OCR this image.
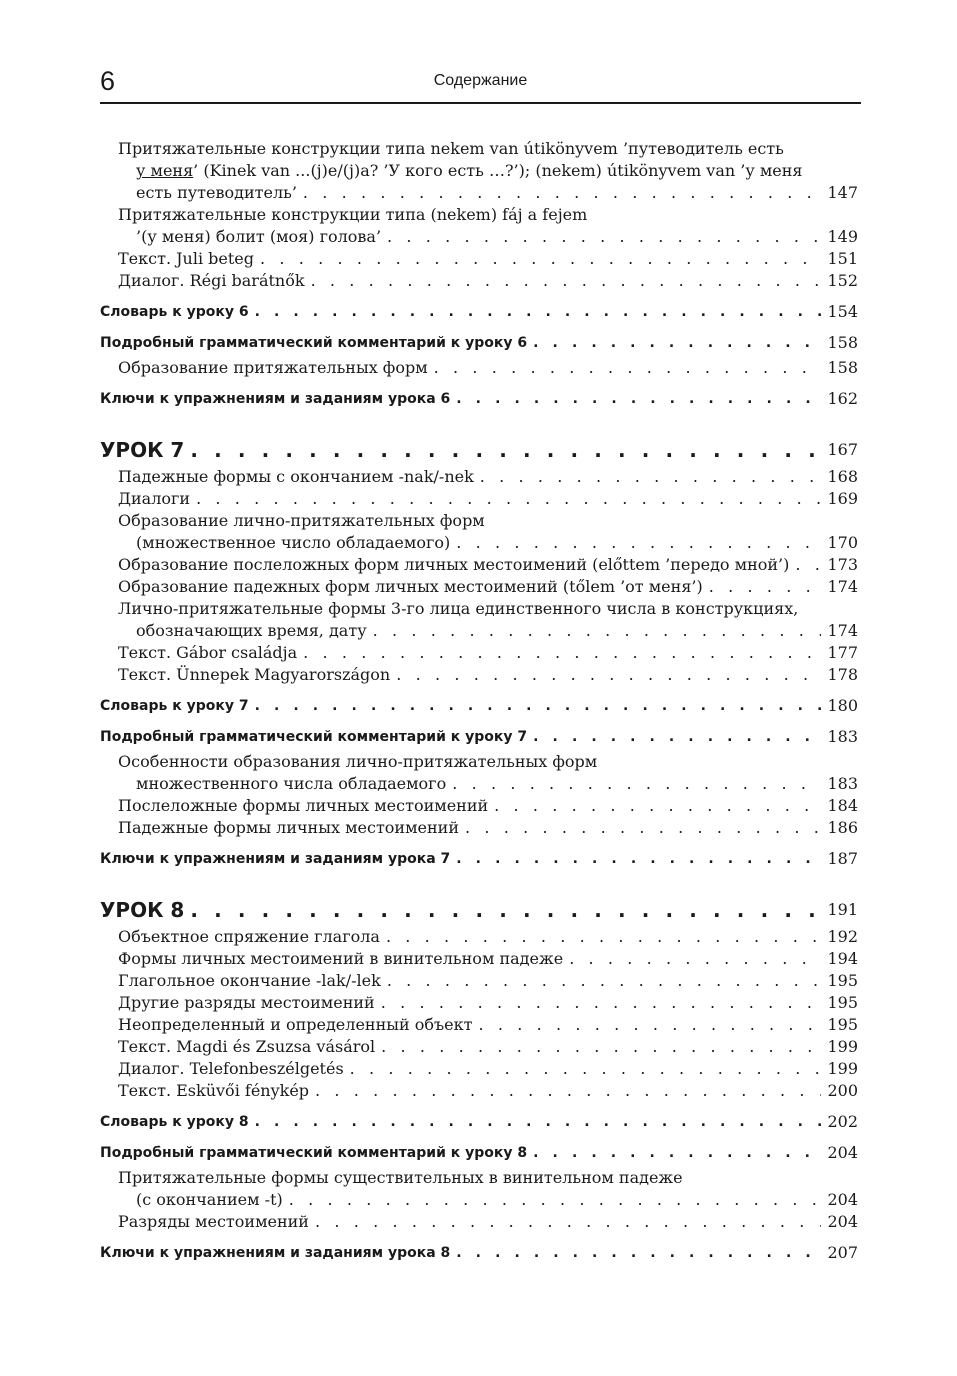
6	Содержание
Притяжательные конструкции типа nekem van útikönyvem ’путеводитель есть
у меня’ (Kinek van ...(j)e/(j)a? ’У кого есть …?’); (nekem) útikönyvem van ’у меня
есть путеводитель’ . . .	147
Притяжательные конструкции типа (nekem) fáj a fejem
’(у меня) болит (моя) голова’ . . .	149
Текст. Juli beteg . . .	151
Диалог. Régi barátnők . . .	152
Словарь к уроку 6 . . .	154
Подробный грамматический комментарий к уроку 6 . . .	158
Образование притяжательных форм . . .	158
Ключи к упражнениям и заданиям урока 6 . . .	162
УРОК 7 . . .	167
Падежные формы с окончанием -nak/-nek . . .	168
Диалоги . . .	169
Образование лично-притяжательных форм
(множественное число обладаемого) . . .	170
Образование послеложных форм личных местоимений (előttem ’передо мной’) . . . 173
Образование падежных форм личных местоимений (tőlem ’от меня’) . . .	174
Лично-притяжательные формы 3-го лица единственного числа в конструкциях,
обозначающих время, дату . . .	174
Текст. Gábor családja . . .	177
Текст. Ünnepek Magyarországon . . .	178
Словарь к уроку 7 . . .	180
Подробный грамматический комментарий к уроку 7 . . .	183
Особенности образования лично-притяжательных форм
множественного числа обладаемого . . .	183
Послеложные формы личных местоимений . . .	184
Падежные формы личных местоимений . . .	186
Ключи к упражнениям и заданиям урока 7 . . .	187
УРОК 8 . . .	191
Объектное спряжение глагола . . .	192
Формы личных местоимений в винительном падеже . . .	194
Глагольное окончание -lak/-lek . . .	195
Другие разряды местоимений . . .	195
Неопределенный и определенный объект . . .	195
Текст. Magdi és Zsuzsa vásárol . . .	199
Диалог. Telefonbeszélgetés . . .	199
Текст. Esküvői fénykép . . .	200
Словарь к уроку 8 . . .	202
Подробный грамматический комментарий к уроку 8 . . .	204
Притяжательные формы существительных в винительном падеже
(с окончанием -t) . . .	204
Разряды местоимений . . .	204
Ключи к упражнениям и заданиям урока 8 . . .	207
